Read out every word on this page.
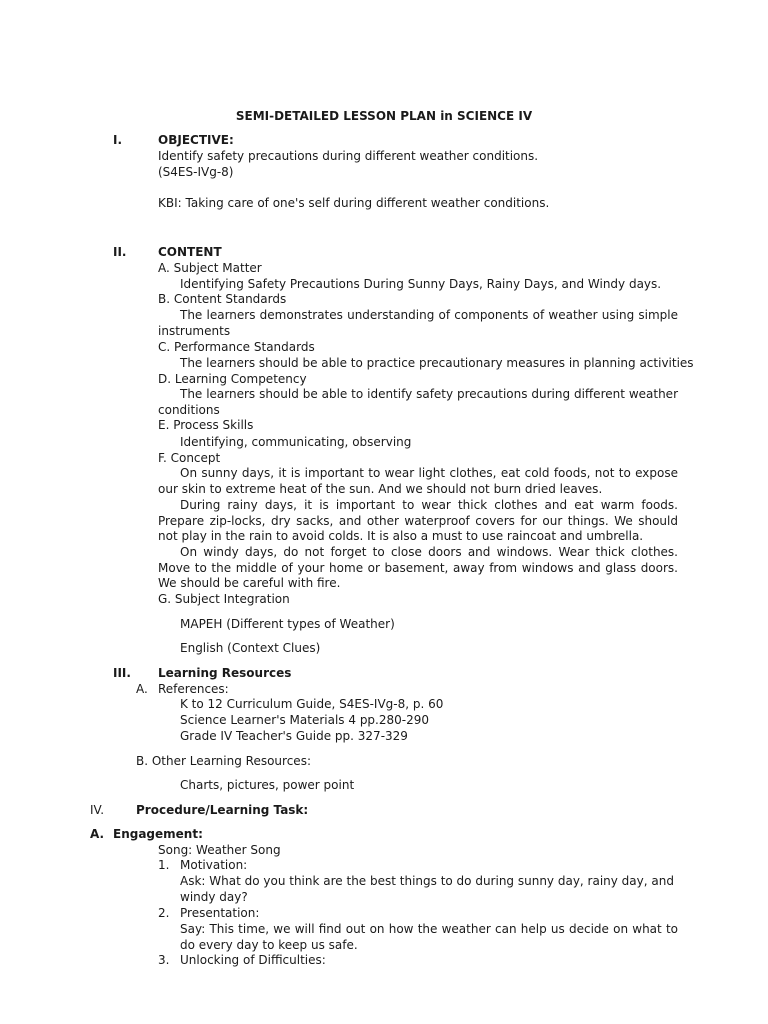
SEMI-DETAILED LESSON PLAN in SCIENCE IV
I.	OBJECTIVE:
Identify safety precautions during different weather conditions.
(S4ES-IVg-8)
KBI: Taking care of one's self during different weather conditions.
II.	CONTENT
A. Subject Matter
Identifying Safety Precautions During Sunny Days, Rainy Days, and Windy days.
B. Content Standards
The learners demonstrates understanding of components of weather using simple instruments
C. Performance Standards
The learners should be able to practice precautionary measures in planning activities
D. Learning Competency
The learners should be able to identify safety precautions during different weather conditions
E. Process Skills
Identifying, communicating, observing
F. Concept
On sunny days, it is important to wear light clothes, eat cold foods, not to expose our skin to extreme heat of the sun. And we should not burn dried leaves.
During rainy days, it is important to wear thick clothes and eat warm foods. Prepare zip-locks, dry sacks, and other waterproof covers for our things. We should not play in the rain to avoid colds. It is also a must to use raincoat and umbrella.
On windy days, do not forget to close doors and windows. Wear thick clothes. Move to the middle of your home or basement, away from windows and glass doors. We should be careful with fire.
G. Subject Integration
MAPEH (Different types of Weather)
English (Context Clues)
III. Learning Resources
A. References:
K to 12 Curriculum Guide, S4ES-IVg-8, p. 60
Science Learner's Materials 4 pp.280-290
Grade IV Teacher's Guide pp. 327-329
B. Other Learning Resources:
Charts, pictures, power point
IV.	Procedure/Learning Task:
A. Engagement:
Song: Weather Song
1. Motivation:
Ask: What do you think are the best things to do during sunny day, rainy day, and windy day?
2. Presentation:
Say: This time, we will find out on how the weather can help us decide on what to do every day to keep us safe.
3. Unlocking of Difficulties:
